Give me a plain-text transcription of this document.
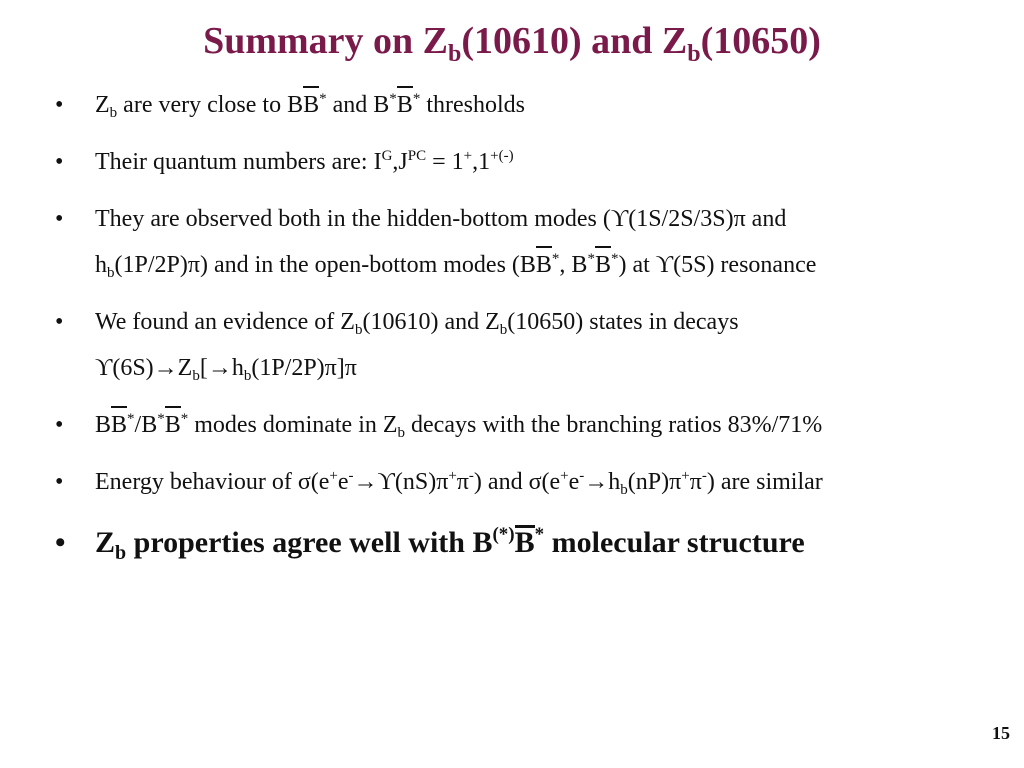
Summary on $Z_b(10610)$ and $Z_b(10650)$
• $Z_b$ are very close to BB* and B*B* thresholds
• Their quantum numbers are: $I^G,J^{PC} = 1^+,1^{+(-)}$
• They are observed both in the hidden-bottom modes (ϒ(1S/2S/3S)π and
$h_b(1P/2P)\pi$) and in the open-bottom modes (BB*, B*B*) at ϒ(5S) resonance
• We found an evidence of $Z_b(10610)$ and $Z_b(10650)$ states in decays
$ϒ(6S)\to Z_b[\to h_b(1P/2P)\pi]\pi$
• BB*/B*B* modes dominate in $Z_b$ decays with the branching ratios 83%/71%
• Energy behaviour of σ(e+e-→ϒ(nS)π+π-) and $\sigma(e^+e^-\to h_b(nP)\pi^+\pi^-)$ are similar
• $Z_b$ properties agree well with B(*)B* molecular structure
15
